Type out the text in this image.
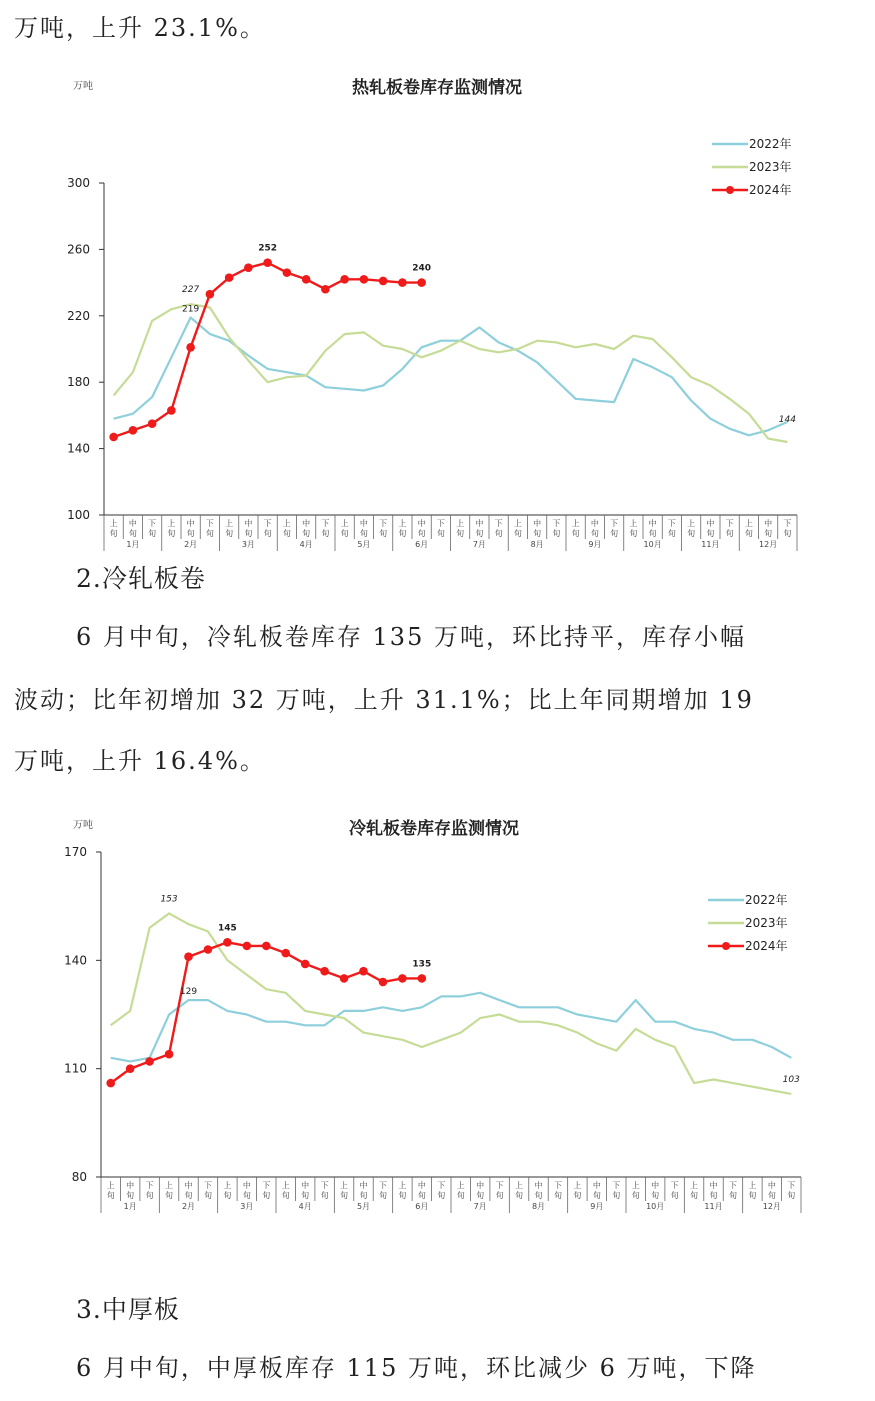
万吨，上升 23.1%。
热轧板卷库存监测情况
万吨
100
140
180
220
260
300
上
旬
中
旬
下
旬
上
旬
中
旬
下
旬
上
旬
中
旬
下
旬
上
旬
中
旬
下
旬
上
旬
中
旬
下
旬
上
旬
中
旬
下
旬
上
旬
中
旬
下
旬
上
旬
中
旬
下
旬
上
旬
中
旬
下
旬
上
旬
中
旬
下
旬
上
旬
中
旬
下
旬
上
旬
中
旬
下
旬
1月	2月	3月	4月	5月	6月	7月	8月	9月	10月	11月	12月
227
219
252
240
144
2022年
2023年
2024年
2.冷轧板卷
6 月中旬，冷轧板卷库存 135 万吨，环比持平，库存小幅
波动；比年初增加 32 万吨，上升 31.1%；比上年同期增加 19
万吨，上升 16.4%。
冷轧板卷库存监测情况
万吨
80
110
140
170
上
旬
中
旬
下
旬
上
旬
中
旬
下
旬
上
旬
中
旬
下
旬
上
旬
中
旬
下
旬
上
旬
中
旬
下
旬
上
旬
中
旬
下
旬
上
旬
中
旬
下
旬
上
旬
中
旬
下
旬
上
旬
中
旬
下
旬
上
旬
中
旬
下
旬
上
旬
中
旬
下
旬
上
旬
中
旬
下
旬
1月	2月	3月	4月	5月	6月	7月	8月	9月	10月	11月	12月
153
129
145
135
103
2022年
2023年
2024年
3.中厚板
6 月中旬，中厚板库存 115 万吨，环比减少 6 万吨，下降
